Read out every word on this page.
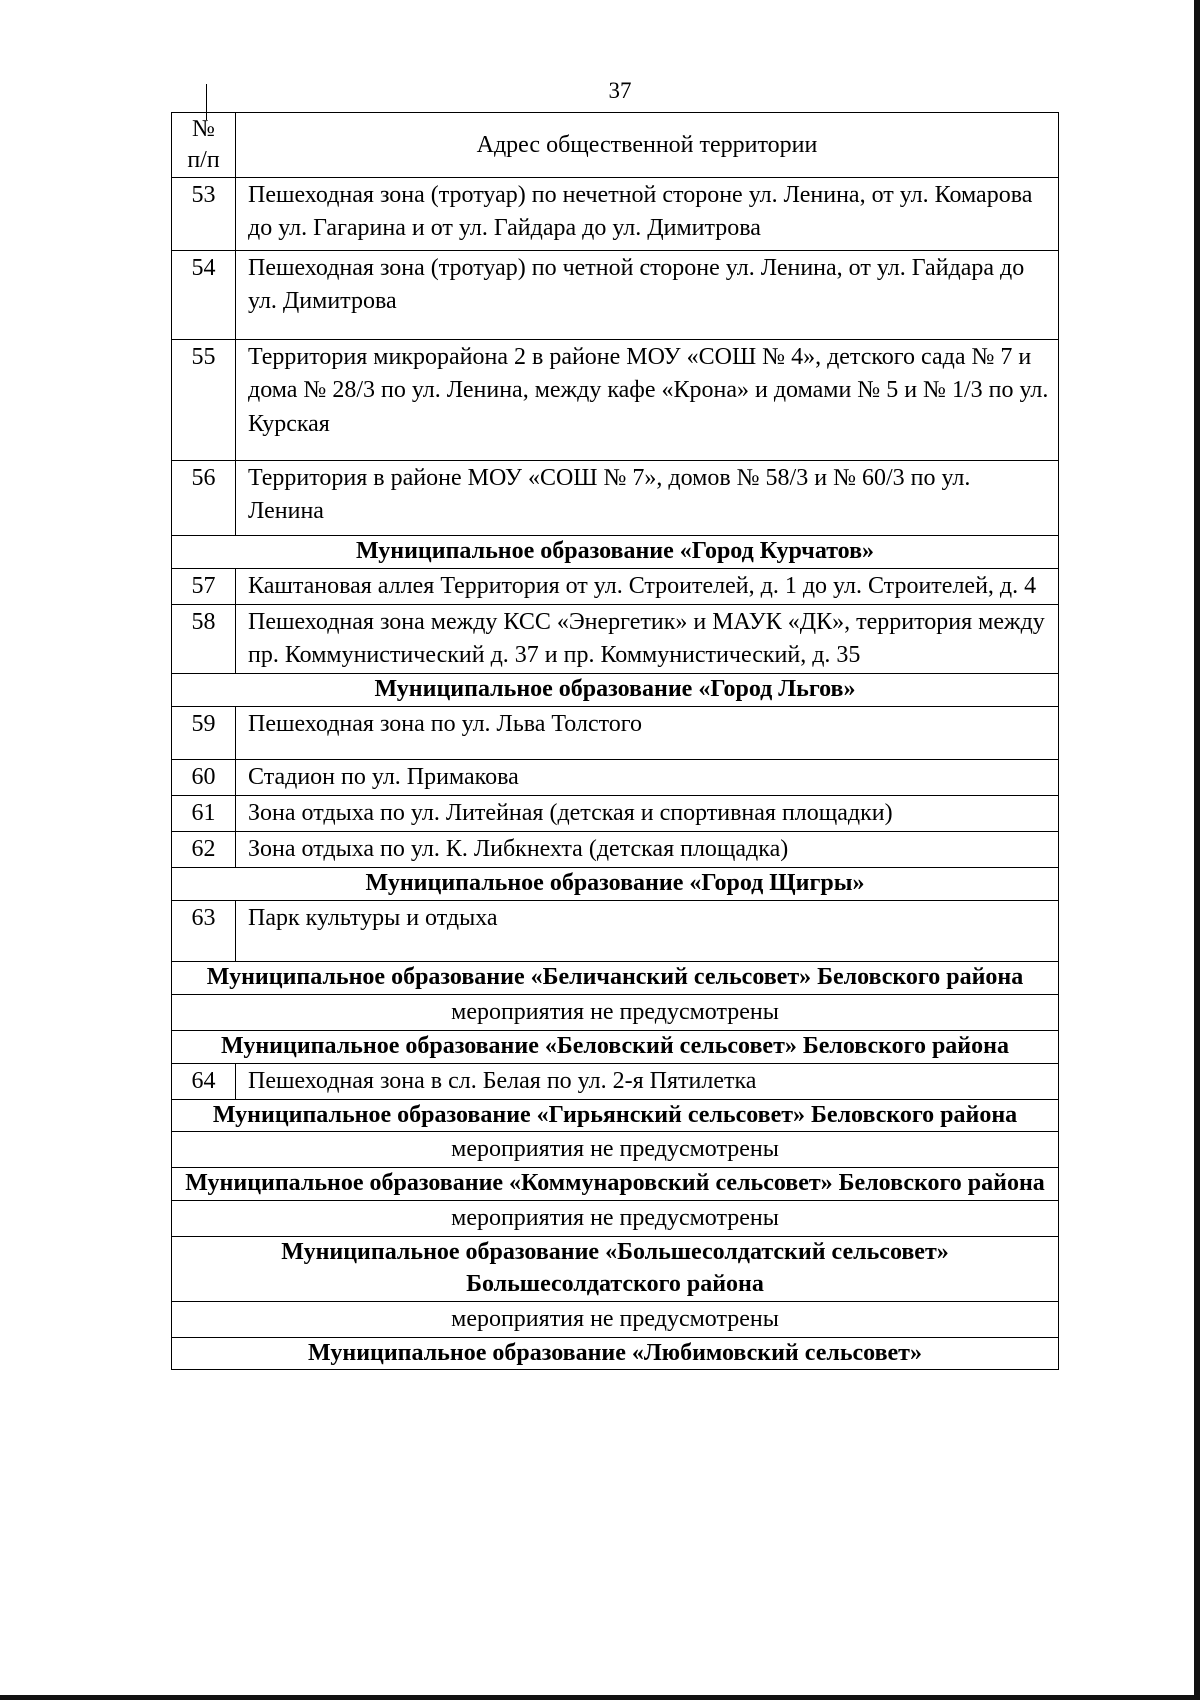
37
№
п/п	Адрес общественной территории
53	Пешеходная зона (тротуар) по нечетной стороне ул. Ленина, от ул. Комарова до ул. Гагарина и от ул. Гайдара до ул. Димитрова
54	Пешеходная зона (тротуар) по четной стороне ул. Ленина, от ул. Гайдара до ул. Димитрова
55	Территория микрорайона 2 в районе МОУ «СОШ № 4», детского сада № 7 и дома № 28/3 по ул. Ленина, между кафе «Крона» и домами № 5 и № 1/3 по ул. Курская
56	Территория в районе МОУ «СОШ № 7», домов № 58/3 и № 60/3 по ул. Ленина
Муниципальное образование «Город Курчатов»	
57	Каштановая аллея Территория от ул. Строителей, д. 1 до ул. Строителей, д. 4
58	Пешеходная зона между КСС «Энергетик» и МАУК «ДК», территория между пр. Коммунистический д. 37 и пр. Коммунистический, д. 35
Муниципальное образование «Город Льгов»	
59	Пешеходная зона по ул. Льва Толстого
60	Стадион по ул. Примакова
61	Зона отдыха по ул. Литейная (детская и спортивная площадки)
62	Зона отдыха по ул. К. Либкнехта (детская площадка)
Муниципальное образование «Город Щигры»	
63	Парк культуры и отдыха
Муниципальное образование «Беличанский сельсовет» Беловского района	
мероприятия не предусмотрены	
Муниципальное образование «Беловский сельсовет» Беловского района	
64	Пешеходная зона в сл. Белая по ул. 2-я Пятилетка
Муниципальное образование «Гирьянский сельсовет» Беловского района	
мероприятия не предусмотрены	
Муниципальное образование «Коммунаровский сельсовет» Беловского района	
мероприятия не предусмотрены	
Муниципальное образование «Большесолдатский сельсовет» Большесолдатского района	
мероприятия не предусмотрены	
Муниципальное образование «Любимовский сельсовет»	
